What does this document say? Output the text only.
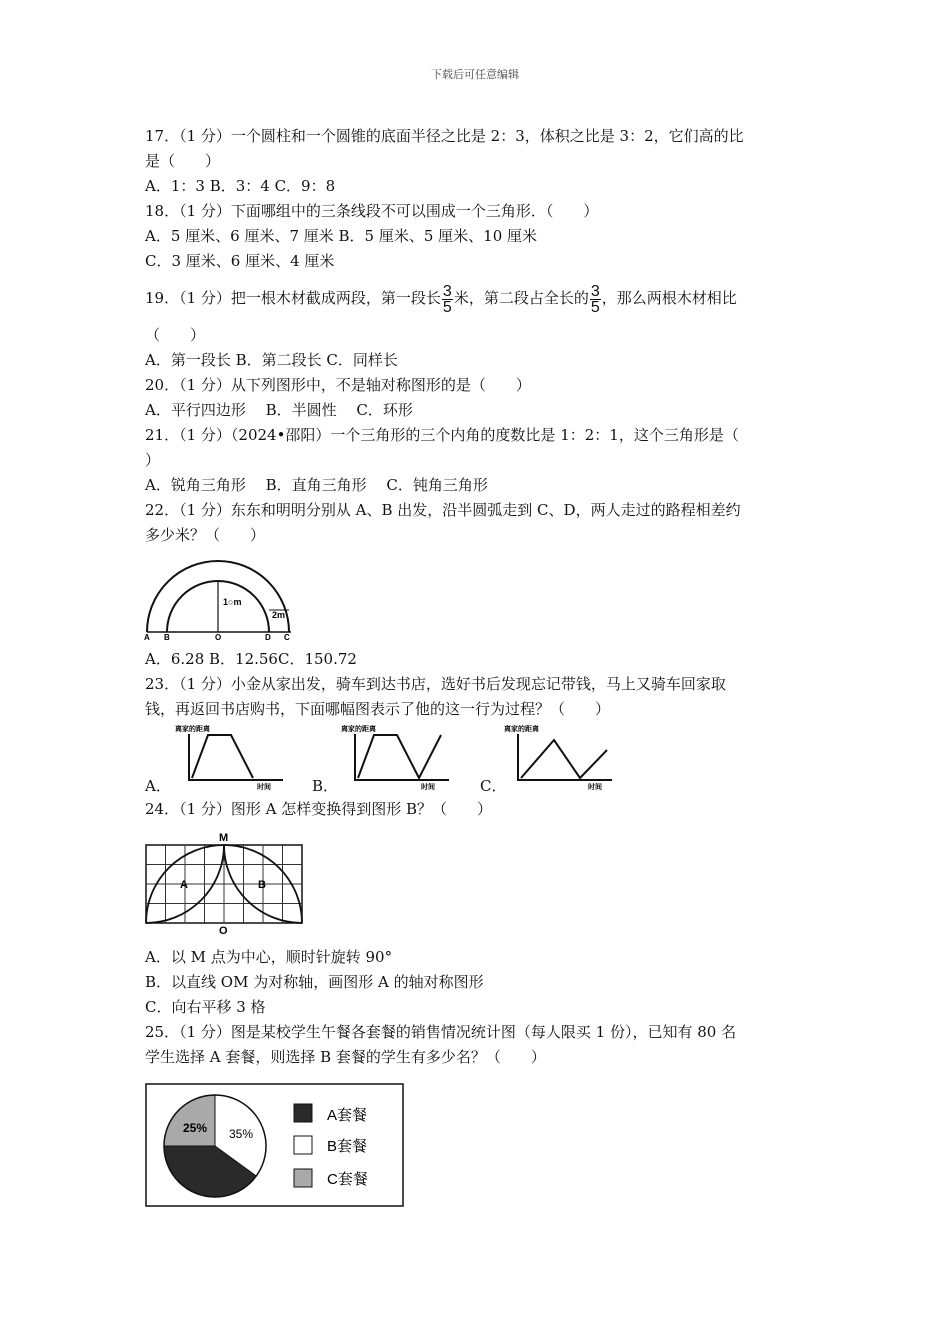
下载后可任意编辑
17．（1 分）一个圆柱和一个圆锥的底面半径之比是 2：3，体积之比是 3：2，它们高的比
是（　　）
A．1：3 B．3：4 C．9：8
18．（1 分）下面哪组中的三条线段不可以围成一个三角形．（　　）
A．5 厘米、6 厘米、7 厘米 B．5 厘米、5 厘米、10 厘米
C．3 厘米、6 厘米、4 厘米
19．（1 分）把一根木材截成两段，第一段长 $\frac{3}{5}$ 米，第二段占全长的 $\frac{3}{5}$ ，那么两根木材相比
（　　）
A．第一段长 B．第二段长 C．同样长
20．（1 分）从下列图形中，不是轴对称图形的是（　　）
A．平行四边形　 B．半圆性　 C．环形
21．（1 分）（2024•邵阳）一个三角形的三个内角的度数比是 1：2：1，这个三角形是（
）
A．锐角三角形　 B．直角三角形　 C．钝角三角形
22．（1 分）东东和明明分别从 A、B 出发，沿半圆弧走到 C、D，两人走过的路程相差约
多少米？（　　）
1○m
2m
A B	O	D C
A．6.28 B．12.56C．150.72
23．（1 分）小金从家出发，骑车到达书店，选好书后发现忘记带钱，马上又骑车回家取
钱，再返回书店购书，下面哪幅图表示了他的这一行为过程？（　　）
A．	B．	C．
离家的距离
时间
离家的距离
时间
离家的距离
时间
24．（1 分）图形 A 怎样变换得到图形 B？（　　）
M
O
A	B
A．以 M 点为中心，顺时针旋转 90°
B．以直线 OM 为对称轴，画图形 A 的轴对称图形
C．向右平移 3 格
25．（1 分）图是某校学生午餐各套餐的销售情况统计图（每人限买 1 份），已知有 80 名
学生选择 A 套餐，则选择 B 套餐的学生有多少名？（　　）
25% 35%
A套餐
B套餐
C套餐
